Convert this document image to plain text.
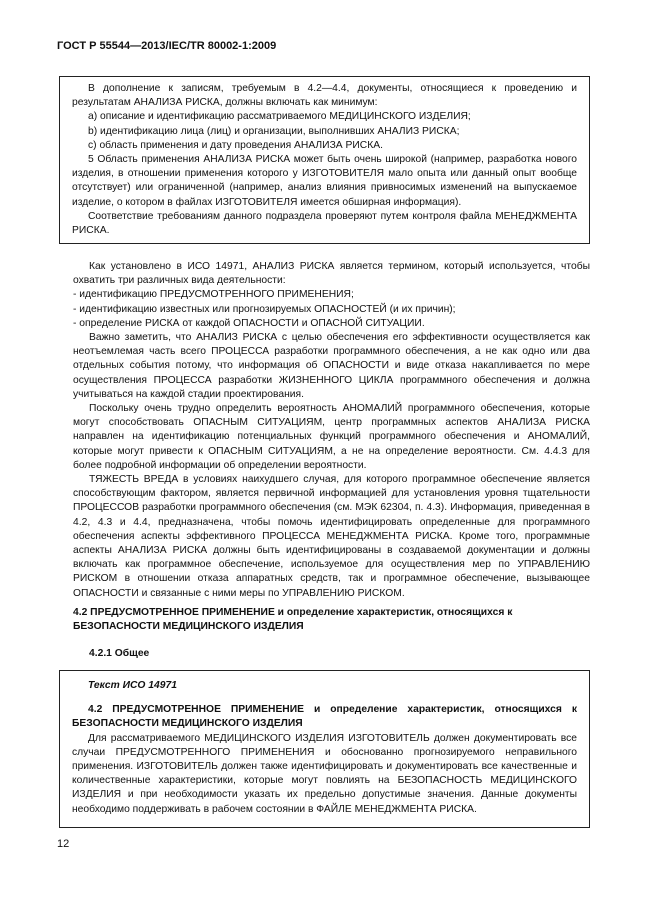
ГОСТ Р 55544—2013/IEC/TR 80002-1:2009

В дополнение к записям, требуемым в 4.2—4.4, документы, относящиеся к проведению и результатам АНАЛИЗА РИСКА, должны включать как минимум:

a) описание и идентификацию рассматриваемого МЕДИЦИНСКОГО ИЗДЕЛИЯ;

b) идентификацию лица (лиц) и организации, выполнивших АНАЛИЗ РИСКА;

c) область применения и дату проведения АНАЛИЗА РИСКА.

5 Область применения АНАЛИЗА РИСКА может быть очень широкой (например, разработка нового изделия, в отношении применения которого у ИЗГОТОВИТЕЛЯ мало опыта или данный опыт вообще отсутствует) или ограниченной (например, анализ влияния привносимых изменений на выпускаемое изделие, о котором в файлах ИЗГОТОВИТЕЛЯ имеется обширная информация).

Соответствие требованиям данного подраздела проверяют путем контроля файла МЕНЕДЖМЕНТА РИСКА.

Как установлено в ИСО 14971, АНАЛИЗ РИСКА является термином, который используется, чтобы охватить три различных вида деятельности:

- идентификацию ПРЕДУСМОТРЕННОГО ПРИМЕНЕНИЯ;

- идентификацию известных или прогнозируемых ОПАСНОСТЕЙ (и их причин);

- определение РИСКА от каждой ОПАСНОСТИ и ОПАСНОЙ СИТУАЦИИ.

Важно заметить, что АНАЛИЗ РИСКА с целью обеспечения его эффективности осуществляется как неотъемлемая часть всего ПРОЦЕССА разработки программного обеспечения, а не как одно или два отдельных события потому, что информация об ОПАСНОСТИ и виде отказа накапливается по мере осуществления ПРОЦЕССА разработки ЖИЗНЕННОГО ЦИКЛА программного обеспечения и должна учитываться на каждой стадии проектирования.

Поскольку очень трудно определить вероятность АНОМАЛИЙ программного обеспечения, которые могут способствовать ОПАСНЫМ СИТУАЦИЯМ, центр программных аспектов АНАЛИЗА РИСКА направлен на идентификацию потенциальных функций программного обеспечения и АНОМАЛИЙ, которые могут привести к ОПАСНЫМ СИТУАЦИЯМ, а не на определение вероятности. См. 4.4.3 для более подробной информации об определении вероятности.

ТЯЖЕСТЬ ВРЕДА в условиях наихудшего случая, для которого программное обеспечение является способствующим фактором, является первичной информацией для установления уровня тщательности ПРОЦЕССОВ разработки программного обеспечения (см. МЭК 62304, п. 4.3). Информация, приведенная в 4.2, 4.3 и 4.4, предназначена, чтобы помочь идентифицировать определенные для программного обеспечения аспекты эффективного ПРОЦЕССА МЕНЕДЖМЕНТА РИСКА. Кроме того, программные аспекты АНАЛИЗА РИСКА должны быть идентифицированы в создаваемой документации и должны включать как программное обеспечение, используемое для осуществления мер по УПРАВЛЕНИЮ РИСКОМ в отношении отказа аппаратных средств, так и программное обеспечение, вызывающее ОПАСНОСТИ и связанные с ними меры по УПРАВЛЕНИЮ РИСКОМ.

4.2 ПРЕДУСМОТРЕННОЕ ПРИМЕНЕНИЕ и определение характеристик, относящихся к БЕЗОПАСНОСТИ МЕДИЦИНСКОГО ИЗДЕЛИЯ
4.2.1 Общее

Текст ИСО 14971

4.2 ПРЕДУСМОТРЕННОЕ ПРИМЕНЕНИЕ и определение характеристик, относящихся к БЕЗОПАСНОСТИ МЕДИЦИНСКОГО ИЗДЕЛИЯ

Для рассматриваемого МЕДИЦИНСКОГО ИЗДЕЛИЯ ИЗГОТОВИТЕЛЬ должен документировать все случаи ПРЕДУСМОТРЕННОГО ПРИМЕНЕНИЯ и обоснованно прогнозируемого неправильного применения. ИЗГОТОВИТЕЛЬ должен также идентифицировать и документировать все качественные и количественные характеристики, которые могут повлиять на БЕЗОПАСНОСТЬ МЕДИЦИНСКОГО ИЗДЕЛИЯ и при необходимости указать их предельно допустимые значения. Данные документы необходимо поддерживать в рабочем состоянии в ФАЙЛЕ МЕНЕДЖМЕНТА РИСКА.

12
